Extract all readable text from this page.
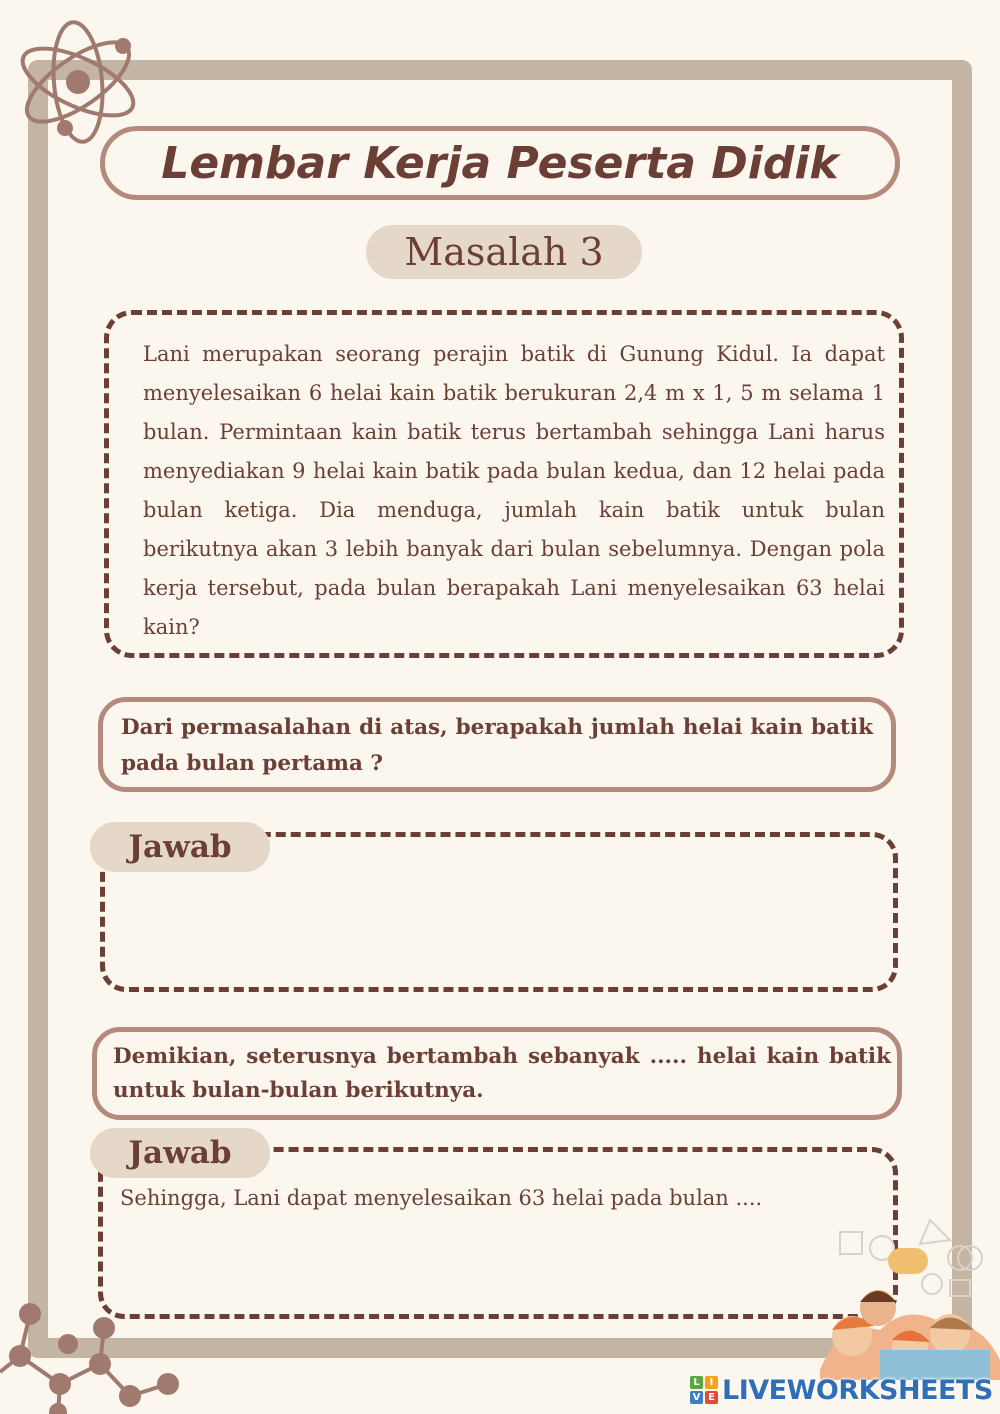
Lembar Kerja Peserta Didik
Masalah 3
Lani merupakan seorang perajin batik di Gunung Kidul. Ia dapat menyelesaikan 6 helai kain batik berukuran 2,4 m x 1, 5 m selama 1 bulan. Permintaan kain batik terus bertambah sehingga Lani harus menyediakan 9 helai kain batik pada bulan kedua, dan 12 helai pada bulan ketiga. Dia menduga, jumlah kain batik untuk bulan berikutnya akan 3 lebih banyak dari bulan sebelumnya. Dengan pola kerja tersebut, pada bulan berapakah Lani menyelesaikan 63 helai kain?
Dari permasalahan di atas, berapakah jumlah helai kain batik pada bulan pertama ?
Jawab
Demikian, seterusnya bertambah sebanyak ..... helai kain batik untuk bulan-bulan berikutnya.
Jawab
Sehingga, Lani dapat menyelesaikan 63 helai pada bulan ....
L I
V E LIVEWORKSHEETS
